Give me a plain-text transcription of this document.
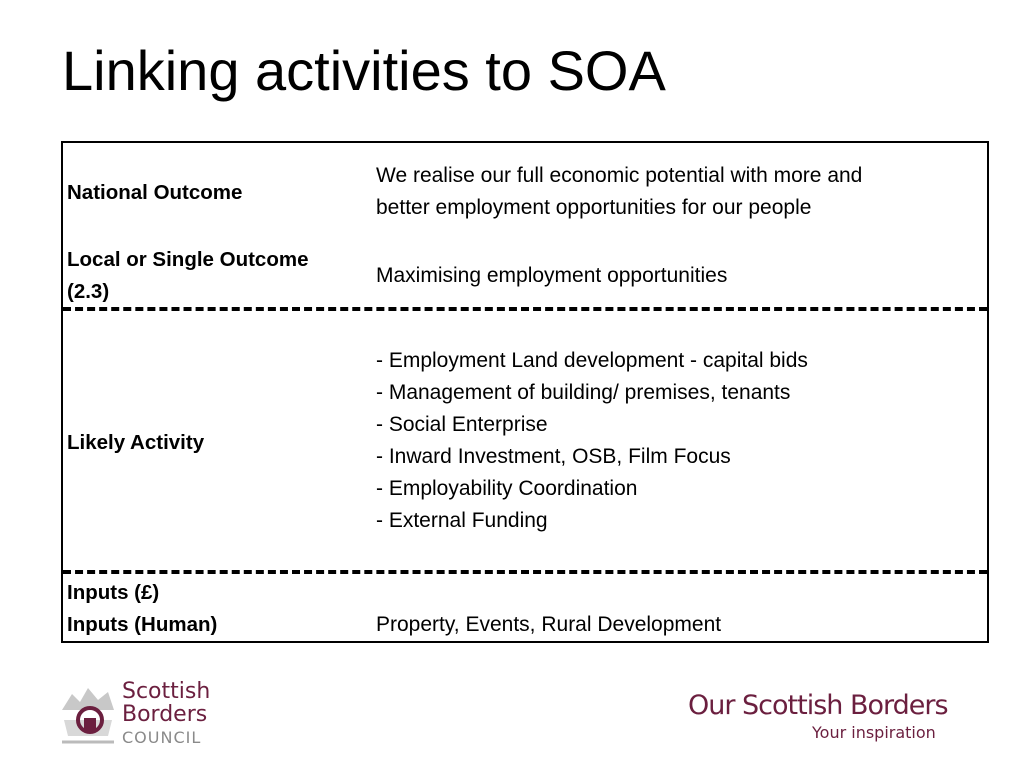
Linking activities to SOA
National Outcome
We realise our full economic potential with more and
better employment opportunities for our people
Local or Single Outcome
(2.3)
Maximising employment opportunities
Likely Activity
- Employment Land development - capital bids
- Management of building/ premises, tenants
- Social Enterprise
- Inward Investment, OSB, Film Focus
- Employability Coordination
- External Funding
Inputs (£)
Inputs (Human)	Property, Events, Rural Development
Scottish
Borders
COUNCIL
Our Scottish Borders
Your inspiration
